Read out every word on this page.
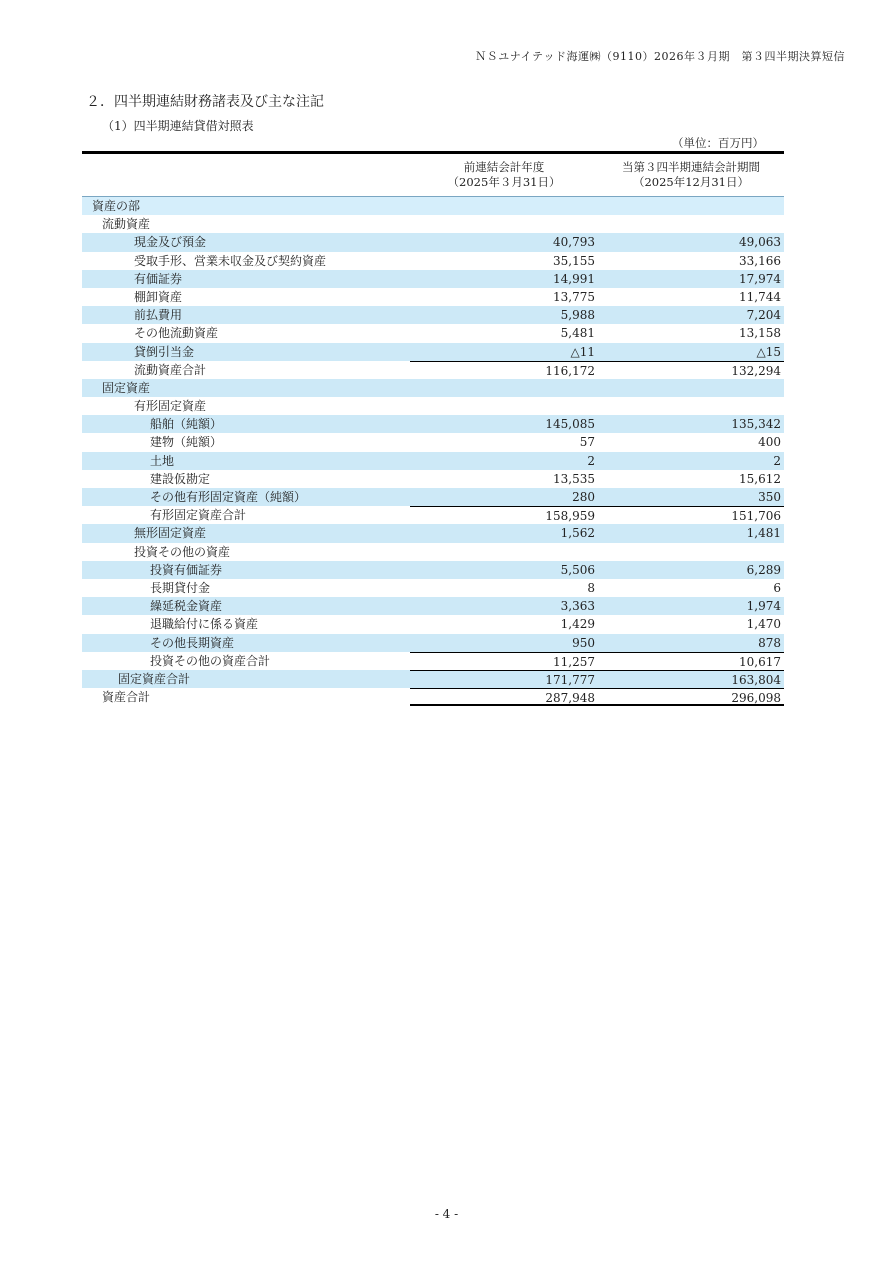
ＮＳユナイテッド海運㈱（9110）2026年３月期　第３四半期決算短信
２．四半期連結財務諸表及び主な注記
（1）四半期連結貸借対照表
（単位：百万円）
前連結会計年度
（2025年３月31日）
当第３四半期連結会計期間
（2025年12月31日）
資産の部
流動資産
現金及び預金	40,793	49,063
受取手形、営業未収金及び契約資産	35,155	33,166
有価証券	14,991	17,974
棚卸資産	13,775	11,744
前払費用	5,988	7,204
その他流動資産	5,481	13,158
貸倒引当金	△11	△15
流動資産合計	116,172	132,294
固定資産
有形固定資産
船舶（純額）	145,085	135,342
建物（純額）	57	400
土地	2	2
建設仮勘定	13,535	15,612
その他有形固定資産（純額）	280	350
有形固定資産合計	158,959	151,706
無形固定資産	1,562	1,481
投資その他の資産
投資有価証券	5,506	6,289
長期貸付金	8	6
繰延税金資産	3,363	1,974
退職給付に係る資産	1,429	1,470
その他長期資産	950	878
投資その他の資産合計	11,257	10,617
固定資産合計	171,777	163,804
資産合計	287,948	296,098
- 4 -
